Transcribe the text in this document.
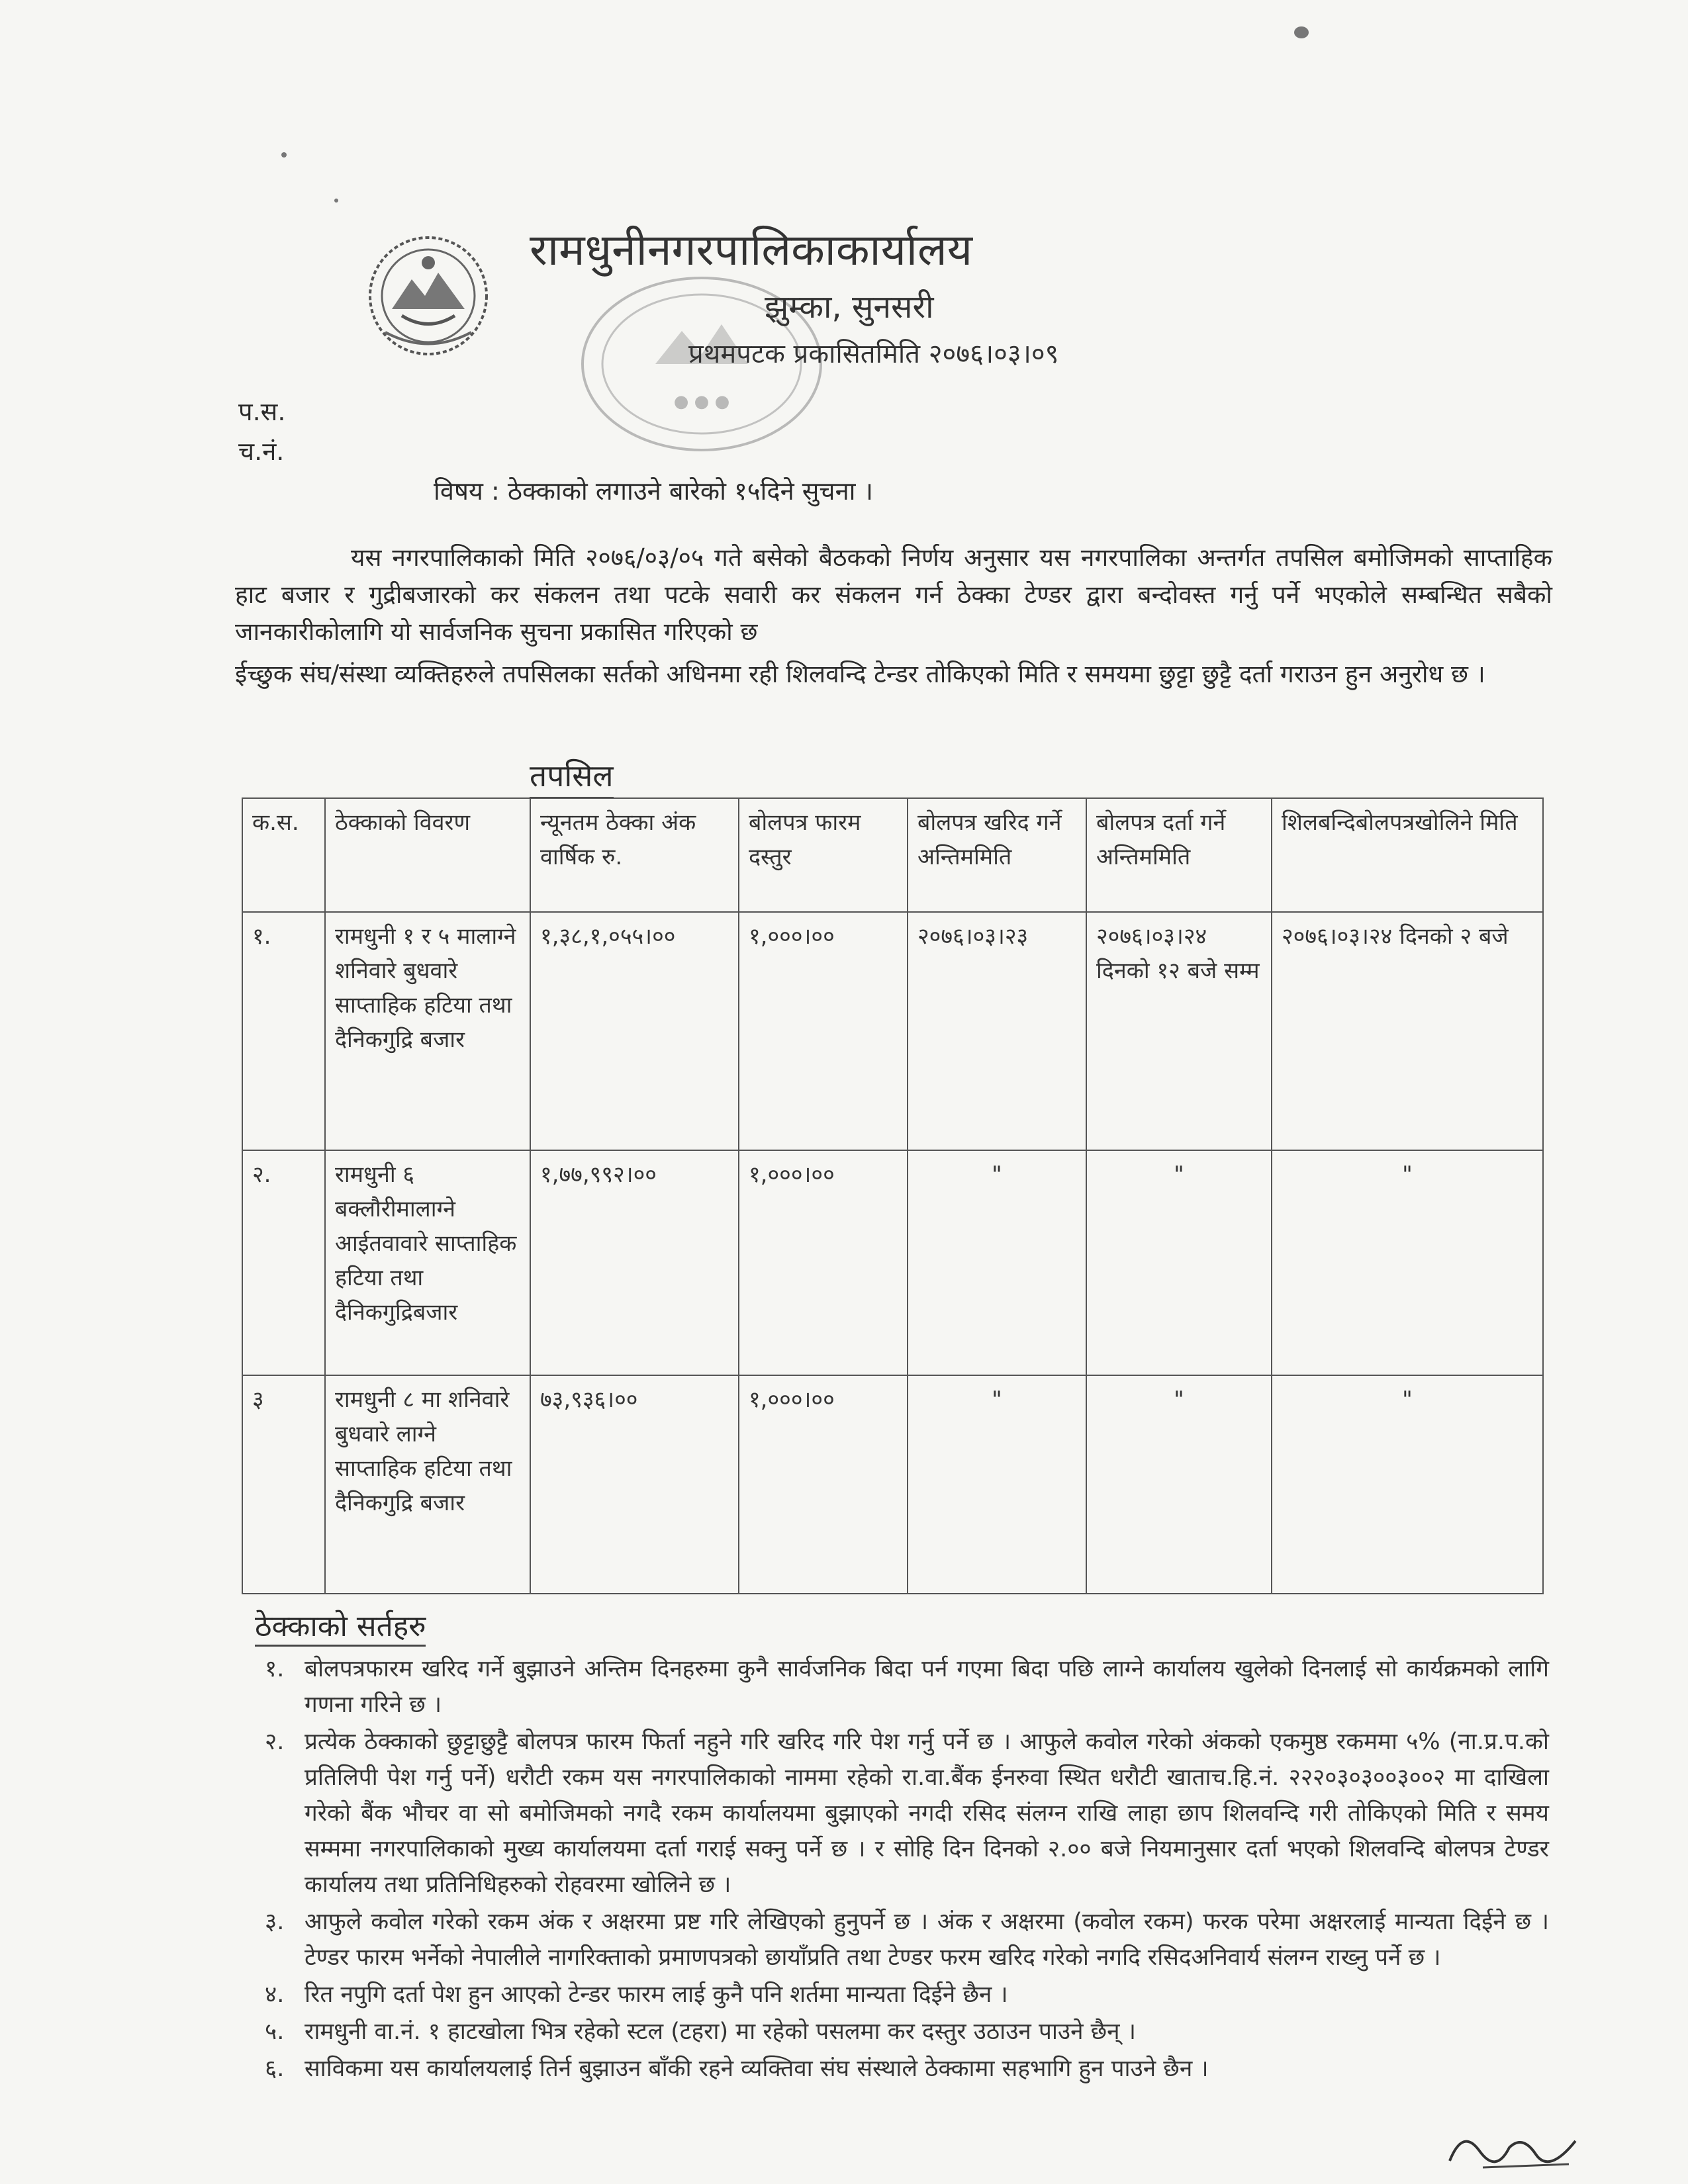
● ● ●
रामधुनीनगरपालिकाकार्यालय
झुम्का, सुनसरी
प्रथमपटक प्रकासितमिति २०७६।०३।०९
प.स.
च.नं.
विषय : ठेक्काको लगाउने बारेको १५दिने सुचना ।

यस नगरपालिकाको मिति २०७६/०३/०५ गते बसेको बैठकको निर्णय अनुसार यस नगरपालिका अन्तर्गत तपसिल बमोजिमको साप्ताहिक हाट बजार र गुद्रीबजारको कर संकलन तथा पटके सवारी कर संकलन गर्न ठेक्का टेण्डर द्वारा बन्दोवस्त गर्नु पर्ने भएकोले सम्बन्धित सबैको जानकारीकोलागि यो सार्वजनिक सुचना प्रकासित गरिएको छ

ईच्छुक संघ/संस्था व्यक्तिहरुले तपसिलका सर्तको अधिनमा रही शिलवन्दि टेन्डर तोकिएको मिति र समयमा छुट्टा छुट्टै दर्ता गराउन हुन अनुरोध छ ।

तपसिल
क.स.	ठेक्काको विवरण	न्यूनतम ठेक्का अंक वार्षिक रु.	बोलपत्र फारम दस्तुर	बोलपत्र खरिद गर्ने अन्तिममिति	बोलपत्र दर्ता गर्ने अन्तिममिति	शिलबन्दिबोलपत्रखोलिने मिति
१.	रामधुनी १ र ५ मालाग्ने शनिवारे बुधवारे साप्ताहिक हटिया तथा दैनिकगुद्रि बजार	१,३८,१,०५५।००	१,०००।००	२०७६।०३।२३	२०७६।०३।२४ दिनको १२ बजे सम्म	२०७६।०३।२४ दिनको २ बजे
२.	रामधुनी ६ बक्लौरीमालाग्ने आईतवावारे साप्ताहिक हटिया तथा दैनिकगुद्रिबजार	१,७७,९९२।००	१,०००।००	"	"	"
३	रामधुनी ८ मा शनिवारे बुधवारे लाग्ने साप्ताहिक हटिया तथा दैनिकगुद्रि बजार	७३,९३६।००	१,०००।००	"	"	"
ठेक्काको सर्तहरु
१. बोलपत्रफारम खरिद गर्ने बुझाउने अन्तिम दिनहरुमा कुनै सार्वजनिक बिदा पर्न गएमा बिदा पछि लाग्ने कार्यालय खुलेको दिनलाई सो कार्यक्रमको लागि गणना गरिने छ ।
२. प्रत्येक ठेक्काको छुट्टाछुट्टै बोलपत्र फारम फिर्ता नहुने गरि खरिद गरि पेश गर्नु पर्ने छ । आफुले कवोल गरेको अंकको एकमुष्ठ रकममा ५% (ना.प्र.प.को प्रतिलिपी पेश गर्नु पर्ने) धरौटी रकम यस नगरपालिकाको नाममा रहेको रा.वा.बैंक ईनरुवा स्थित धरौटी खाताच.हि.नं. २२२०३०३००३००२ मा दाखिला गरेको बैंक भौचर वा सो बमोजिमको नगदै रकम कार्यालयमा बुझाएको नगदी रसिद संलग्न राखि लाहा छाप शिलवन्दि गरी तोकिएको मिति र समय सम्ममा नगरपालिकाको मुख्य कार्यालयमा दर्ता गराई सक्नु पर्ने छ । र सोहि दिन दिनको २.०० बजे नियमानुसार दर्ता भएको शिलवन्दि बोलपत्र टेण्डर कार्यालय तथा प्रतिनिधिहरुको रोहवरमा खोलिने छ ।
३. आफुले कवोल गरेको रकम अंक र अक्षरमा प्रष्ट गरि लेखिएको हुनुपर्ने छ । अंक र अक्षरमा (कवोल रकम) फरक परेमा अक्षरलाई मान्यता दिईने छ । टेण्डर फारम भर्नेको नेपालीले नागरिक्ताको प्रमाणपत्रको छायाँप्रति तथा टेण्डर फरम खरिद गरेको नगदि रसिदअनिवार्य संलग्न राख्नु पर्ने छ ।
४. रित नपुगि दर्ता पेश हुन आएको टेन्डर फारम लाई कुनै पनि शर्तमा मान्यता दिईने छैन ।
५. रामधुनी वा.नं. १ हाटखोला भित्र रहेको स्टल (टहरा) मा रहेको पसलमा कर दस्तुर उठाउन पाउने छैन् ।
६. साविकमा यस कार्यालयलाई तिर्न बुझाउन बाँकी रहने व्यक्तिवा संघ संस्थाले ठेक्कामा सहभागि हुन पाउने छैन ।
